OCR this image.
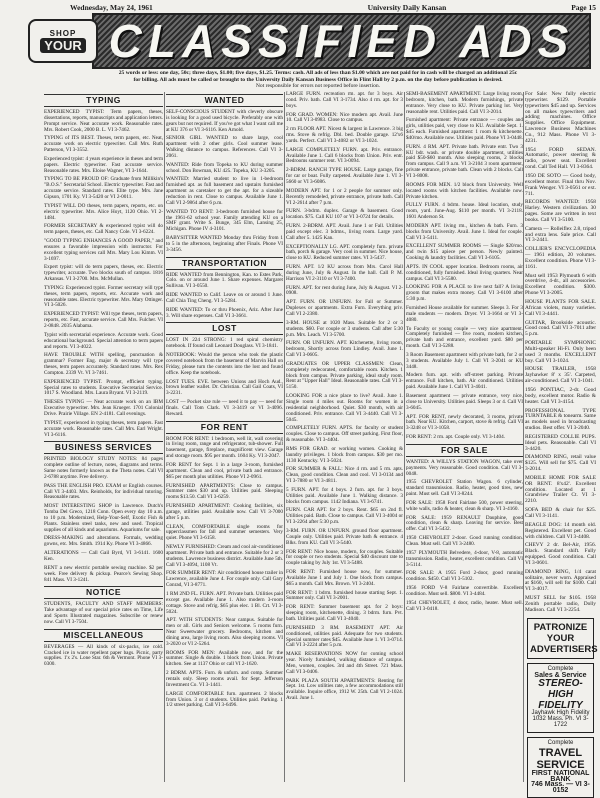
Wednesday, May 24, 1961	University Daily Kansan	Page 15
SHOP
YOUR CLASSIFIED ADS
25 words or less: one day, 50c; three days, $1.00; five days, $1.25. Terms: cash. All ads of less than $1.00 which are not paid for in cash will be charged an additional 25c
for billing. All ads must be called or brought to the University Daily Kansan Business Office in Flint Hall by 2 p.m. on the day before publication is desired.
Not responsible for errors not reported before insertion.
TYPING
EXPERIENCED TYPIST: Term papers, theses, dissertations, reports, manuscripts and application letters. Prompt service. Neat accurate work. Reasonable rates. Mrs. Robert Cook, 2000 B. L. VI 3-7462.
TYPING of ITS BEST. Theses, term papers, etc. Neat, accurate work on electric typewriter. Call Mrs. Ruth Patterson, VI 3-3552.
Experienced typist: 4 years experience in theses and term papers. Electric typewriter. Fast accurate service. Reasonable rates. Mrs. Eloise Wagner, VI 3-1644.
TYPING TO BE PROUD OF: Graduate from Millikin's "B.O.S." Secretarial School. Electric typewriter. Fast and accurate service. Standard rates. Elite type. Mrs. Jane Gipson, 1701 Ky. VI 3-5420 or VI 2-0011.
TYPIST WILL DO theses, term papers, reports, etc. on electric typewriter. Mrs. Alice Hoyt, 1120 Ohio. VI 2-1484.
FORMER SECRETARY & experienced typist will do term papers, theses, etc. Call Nancy Cole. VI 3-6224.
"GOOD TYPING ENHANCES A GOOD PAPER," and ensures a favorable impression with instructor. For excellent typing services call Mrs. Mary Lou Kimm. VI 3-1697.
Expert typist: will do term papers, theses, etc. Electric typewriter, accurate. Two blocks south of campus. 1816 Arkansas. VI 3-2700. Mrs. McMullan.
TYPING: Experienced typist. Former secretary will type theses, term papers, reports, etc. Accurate work and reasonable rates. Electric typewriter. Mrs. Mary Ottinger. VI 3-5026.
EXPERIENCED TYPIST: Will type theses, term papers, reports, etc. Fast, accurate service. Call Mrs. Fulcher. VI 2-0848. 2035 Alabama.
Typist with secretarial experience. Accurate work. Good educational background. Special attention to term papers and reports. VI 3-4022.
HAVE TROUBLE WITH spelling, punctuation & grammar? Former Eng. major & secretary will type theses, term papers accurately. Standard rates. Mrs. Rex Compton. 2339 Vt. VI 3-7461.
EXPERIENCED TYPIST. Prompt, efficient typing. Special rates to students. Executive Secretarial Service. 1017 S. Woodland. Mrs. Laura Bryant. VI 3-2119.
THESES TYPING — Neat accurate work on an IBM Executive typewriter. Mrs. Jean Krueger. 1701 Colonial Drive. Prairie Village. EN 2-4181. Call evenings.
TYPIST, experienced in typing theses, term papers. Fast accurate work. Reasonable rates. Call Mrs. Earl Wright. VI 3-6116.
BUSINESS SERVICES
PRINTED BIOLOGY STUDY NOTES: 84 pages complete outline of lecture, notes, diagrams and terms. Same notes formerly known as the Theta notes. Call VI 2-6788 anytime. Free delivery.
PASS THE ENGLISH PRO. EXAM or English courses. Call VI 3-4403. Mrs. Reinholds, for individual tutoring. Reasonable rates.
MOST INTERESTING SHOP in Lawrence. Dutch's Tomba Del Greco, 1218 Conn. Open every day 10 a.m. to 10 p.m. Modernized, Help-Your-Self, Exotic Fish & Plants. Stainless steel tanks, new and used. Tropical supplies of all kinds and aquariums. Aquariums for sale.
DRESS-MAKING and alterations. Formals, wedding gowns, etc. Mrs. Smith. 1914 Ky. Phone VI 3-4866.
ALTERATIONS — Call Gail Byrd, VI 3-6141. 1600 Ken.
RENT a new electric portable sewing machine. $2 per week. Free delivery & pickup. Pearce's Sewing Shop. 841 Mass. VI 3-1241.
NOTICE
STUDENTS, FACULTY AND STAFF MEMBERS: Take advantage of our special price rates on Time, Life and Sports Illustrated magazines. Subscribe or renew now. Call VI 3-7504.
MISCELLANEOUS
BEVERAGES — All kinds of six-packs, ice cold. Cracked ice in water repellent paper bags. Picnic, party supplies. 1'x 2's. Lone Star. 6th & Vermont. Phone VI 3-0300.
WANTED
SELF-CONSCIOUS STUDENT with cleverly obscure is looking for a good used bicycle. Preferably one with gears but not required. If you've got what I want call me at KU 376 or VI 3-6116. Ken Arnold.
SENIOR GIRL WANTED to share large, cool apartment with 2 other girls. Cool summer lease. Walking distance to campus. References. Call VI 3-2061.
WANTED: Ride from Topeka to KU during summer school. Don Bowman, KU 425. Topeka, KU 3-3205.
WANTED: Married student to live in 1-bedroom furnished apt. as full basement and upstairs furnished apartment as caretaker to get the apt. for a sizeable reduction in rent. Close to campus. Available June 1. Call VI 2-9864 after 6 p.m.
WANTED TO RENT: 3-bedroom furnished house for the 1961-62 school year. Family attending KU on a SMF grant. Write S. Bunge, 345 Elm, Lansing 25, Michigan. Phone IV 4-3101.
BABYSITTER WANTED Monday thru Friday from 1 to 5 in the afternoon, beginning after Finals. Phone VI 3-3456.
TRANSPORTATION
RIDE WANTED from Bennington, Kan. to Estes Park, Colo. on or around June 1. Share expenses. Margaret Sullivan. VI 3-0550.
RIDE WANTED to Calif. Leave on or around 1 June. Call Chia Ting Cheng. VI 3-5284.
RIDE WANTED: To or thru Phoenix, Ariz. After June 3. Will share expenses. Call VI 3-3661.
LOST
LOST IN 224 STRONG: 1 red spiral chemistry notebook. If found call Leonard Douglass. VI 3-1841.
NOTEBOOK: Would the person who took the plastic covered notebook from the basement of Marvin Hall on Friday, please turn the contents into the lost and found office. Keep the notebook.
LOST TUES. EVE. between Unions and Hoch Aud., brown leather wallet. Dr. Christian. Call Gail Coats, VI 3-2231.
LOST — Pocket size rule — need it to pay — need for finals. Call Tom Clark. VI 3-3419 or VI 3-4096. Reward.
FOR RENT
ROOM FOR RENT: 1 bedroom, well lit, wall covering in living room, range and refrigerator, tub-shower. Full basement, garage, fireplace, magnificent view. Garage and storage room. $95 per month. 1604 Ky. VI 3-2047.
FOR RENT for Sept. 1 in a large 3-room, furnished apartment. Clean and cool, private bath and entrance. $65 per month plus utilities. Phone VI 2-0961.
FURNISHED APARTMENTS: Close to campus. Summer rates $30 and up. Utilities paid. Sleeping rooms $13.50. Call VI 3-6259.
FURNISHED APARTMENT: Cooking facilities, six garage, utilities paid. Available now. Call VI 3-7000 after 5 p.m.
CLEAN, COMFORTABLE single rooms for upperclassmen for fall and summer semesters. Very quiet. Phone VI 3-6158.
NEWLY FURNISHED: Cream and cool air-conditioned apartment. Private bath and entrance. Suitable for 2 or 3 students. Lawrence business district. Available June 5th. Call VI 3-4094, 1108 Vt.
FOR SUMMER RENT: Air conditioned house trailer in Lawrence, available June 4. For couple only. Call Gary Conrad, VI 3-8771.
1 RM 2ND FL. FURN. APT. Private bath. Utilities paid except gas. Available June 1. Also modern 3-room cottage. Stove and refrig. $65 plus elec. 1 Bl. Crt. VI 3-5024.
APT. WITH STUDENTS: Near campus. Suitable for men or all. Girls and Seniors welcome. 5 rooms furn. Near Sweetwater grocery. Bedrooms, kitchen and dining area, large living room. Also sleeping rooms. VI 3-2020 or VI 2-5264.
ROOMS FOR MEN: Available now, and for the summer. Single & double. 1 block from Union. Private kitchen. See at 1137 Ohio or call VI 2-1620.
2 BDRM. APTS. Furn. & unfurn. and comp. Summer rentals only. Sleep rooms avail. for Sept. Jefferson Investment Co. VI 3-1441.
LARGE COMFORTABLE furn. apartment. 2 blocks from Union. 3 or 4 students. Utilities paid. Parking. 1 1/2 street parking. Call VI 3-6496.
LARGE FURN. recreation rm. apt. for 3 boys. Air cond. Priv. bath. Call VI 3-1734. Also 4 rm. apt. for 3 boys.
FOR GRAD. WOMEN: Nice modern apt. Avail. June 10. Call VI 3-0983. Close to campus.
2 rm FLOOR APT. Nicest & largest in Lawrence. 3 big rms. Stove & refrig. Dbl. bed. Double garage. 12'x6 yards. Perfect. Call VI 3-4082 or VI 3-1024.
LARGE COMPLETELY FURN. apt. Priv. entrance. Available June 1. Call 6 blocks from Union. Priv. entr. Bedrooms summer rent. VI 3-0094.
2-BDRM. RANCH TYPE HOUSE. Large garage, fine for car or boat. Fully carpeted. Available June 1. VI 3-5660 or VI 3-6086.
MODERN APT. for 1 or 2 people for summer only. Recently remodeled, private entrance, private bath. Call VI 2-2614 after 7 p.m.
FURN. 3-bdrm. duplex. Garage & basement. Good location. $75. Call KU 107 or VI 3-0724 for details.
FURN. 2-BDRM. APT. Avail. June 1 or Fall. Utilities paid except elec. 3 bdrms., living room. Large yard. Call after 5. 1425 Kan.
EXCEPTIONALLY LG. APT. completely furn. private bath, porch & garage. Very cool in summer. Nice house, close to KU. Reduced summer rates. VI 3-5437.
FURN. APT. 1/2 KU across from Mrs. Carol Hall during June, July & August. In the hall. Call P. M. Harrison VI 2-3110 or VI 3-7400.
FURN. APT. for rent during June, July & August. VI 2-0908.
APT. FURN. OR UNFURN. for Fall or Summer. Duplexes or apartments. Extra Furn. Everything priv. Call VI 2-2380.
3-RM. HOUSE at 1020 Mass. Suitable for 2 or 3 students. $60. For couple or 3 students. Call after 5:30 p.m. Mrs. Leach. VI 3-5700.
FURN. OR UNFURN. APT. Kitchenette, living room, bedroom, Shortly across from Lindley. Avail. June 1. Call VI 3-0605.
GRADUATES OR UPPER CLASSMEN: Clean, completely redecorated, comfortable room. Kitchen. 1 block from campus. Private parking, ideal study room. Rent at "Upper Hall" Ideal. Reasonable rates. Call VI 3-5150.
LOOKING FOR a nice place to live? Avail. June 1. Single room 4 miles out. Rooms for women in a residential neighborhood. Quiet. $30 month, with air conditioned. Priv. entrance. Call VI 3-4440. Call VI 3-5045.
COMPLETELY FURN. APTS. for faculty or student couples. Close to campus. Off street parking. First floor, & reasonable. VI 3-4404.
RMS FOR GRAD. or working women. Cooking & laundry privileges. 1 block from campus. $30 per mo. 1130 Kentucky. VI 3-5024.
FOR SUMMER & FALL: Nice 4 rm. and 5 rm. apts. Clean, good condition. Clean and cool. VI 3-0134 and VI 3-7880 or VI 3-4811.
5 FURN. APT. for 4 boys. 2 furn. apt. for 3 boys. Utilities paid. Available June 1. Walking distance. 3 blocks from campus. 1142 Indiana. VI 3-6741.
FURN. CAR APT. for 2 boys. Rent. $65 on 2nd fl. Utilities paid. Bath. Close to campus. Call VI 3-4004 or VI 3-2264 after 5:30 p.m.
3-RM. FURN. OR UNFURN. ground floor apartment. Couple only. Utilities paid. Private bath & entrance. 4 Blks. from KU. Call VI 3-5440.
FOR RENT: Nice house, modern, for couples. Suitable for couple or two students. Special $40 discount rate to couple taking by July 1st. VI 3-5488.
FOR RENT: Furnished house now, for summer. Available June 1 and July 1. One block from campus. $65 a month. Call Mrs. Brown. VI 3-2404.
FOR RENT: 1 bdrm. furnished house starting Sept. 1. Summer only. Call VI 3-2001.
FOR RENT: Summer basement apt. for 2 boys: sleeping room, kitchenette, dining. 3 bdrm. furn. Pvt. bath. Utilities paid. Call VI 3-4040.
FURNISHED 3 RM. BASEMENT APT. Air conditioned, utilities paid. Adequate for two students. Special summer rates $45. Available June 1. VI 3-0714. Call VI 3-2224 after 5 p.m.
MAKE RESERVATIONS NOW for coming school year. Nicely furnished, walking distance of campus. Men, women, couples. 3rd and 4th Street. 721 Mass. Call VI 3-0406.
PARK PLAZA SOUTH APARTMENTS: Renting for Sept. 1st. Low utilities rate, a few accommodations still available. Inquire office, 1912 W. 25th. Call VI 2-1024. Avail. June 1.
SEMI-BASEMENT APARTMENT. Large living room, bedroom, kitchen, bath. Modern furnishings, private entrance. Very close to KU. Private parking lot. Very reasonable rent. Utilities paid. Call VI 3-2014.
Furnished apartment: Private entrance — couples and girls, utilities paid, very close to KU. Available Sept. 1. $45 each. Furnished apartment: 1 room & kitchenette. $40/mo. Available now. Utilities paid. Phone VI 3-0448.
FURN. 4 RM. APT. Private bath. Private entr. Two 3 KU bdr. wash. or private double apartment, utilities paid $50-$60 month. Also sleeping rooms, 2 blocks from campus. Call 9 a.m. VI 3-2104 3 room apartment, private entrance, private bath. Clean with 2 blocks. Call VI 3-8008.
ROOMS FOR MEN. 1/2 block from University. Well located rooms with kitchen facilities. Available now. Private kitchen.
FULLY FURN. 4 bdrm. house. Ideal location, study room, yard. June-Aug. $110 per month. VI 3-2118. 1601 Anderson St.
MODERN APT. living rm., kitchen & bath. Furn. 3 blocks from University. Avail. June 1. Ideal for couple. Call VI 3-5411.
EXCELLENT SUMMER ROOMS — Single $20/mo. and twin $15 apiece per person. Newly painted. Cooking & laundry facilities. Call VI 3-6105.
APTS. IN COOL upper location. Bedroom rooms, air conditioned, fully furnished. Ideal living quarters. Near campus. Call VI 3-5580.
LOOKING FOR A PLACE to live next fall? A living groom that makes extra money. Call VI 3-6100 after 5:30 p.m.
Furnished House available for summer. Sleeps 3. For 3 male students — modern. Dryer. VI 3-1664 or VI 3-4080.
To Faculty or young couple — very nice apartment. Completely furnished — five room, modern kitchen, private bath and entrance, excellent yard. $80 per month. Call VI 3-5288.
3 Room Basement apartment with private bath, for 2 or 3 students. Available July 1. Call VI 3-2041 or KU 3448.
Modern furn. apt. with off-street parking. Private entrance. Full kitchen, bath. Air conditioned. Utilities paid. Available June 1. Call VI 3-4041.
Basement apartment — private entrance, very nice, close to University. Utilities paid. Sleeps 3 or 4. Call VI 3-6045.
APT. FOR RENT, newly decorated, 3 rooms, private bath. Near KU. Kitchen, carport, stove & refrig. Call VI 3-3248 or VI 3-1058.
FOR RENT: 2 rm. apt. Couple only. VI 3-1404.
FOR SALE
WANTED: A WILLYS STATION WAGON, take over payments. Very reasonable. Good condition. Call VI 3-0048.
1955 CHEVROLET Station Wagon. 6 cylinder, standard transmission. Radio, heater, good tires, new paint. Must sell. Call VI 3-8244.
FOR SALE: 1958 Ford Fairlane 500, power steering, white walls, radio & heater, clean & sharp. VI 3-4160.
FOR SALE: 1959 RENAULT Dauphine, good condition, clean & sharp. Leaving for service. Best offer. Call VI 3-5432.
1950 CHEVROLET 2-door. Good running condition. Clean. Must sell. Call VI 3-2480.
1957 PLYMOUTH Belvedere, 4-door, V-8, automatic transmission. Radio, heater, excellent condition. Call VI 3-5114.
FOR SALE: A 1955 Ford 2-door, good running condition. $450. Call VI 3-5102.
1956 FORD V-8 Fairlane convertible. Excellent condition. Must sell. $800. VI 3-4484.
1954 CHEVROLET, 4 door, radio, heater. Must sell. Call VI 3-0418.
For Sale: New fully electric typewriter. $129. Portable typewriters $45 and up. Services on all makes typewriters and adding machines. Office Supplies. Office Equipment. Lawrence Business Machines Co., 912 Mass. Phone VI 3-4231.
1954 FORD SEDAN. Automatic, power steering & radio, power seat. Excellent cond. Call Ted Hall. VI 3-8364.
1950 DE SOTO — Good body, excellent motor. Final thru Nov. Frank Wenger. VI 3-0561 or ext. 711.
RECORDS WANTED: 1958 Harley. Western civilization. 30 pages. Some are written in text books. Call VI 3-5100.
Camera — Rolleiflex 2.8, tripod and extra lens. Sale price. Call VI 3-2441.
COLLIER'S ENCYCLOPEDIA — 1961 edition, 20 volumes. Excellent condition. Phone VI 3-1161.
Must sell 1953 Plymouth 6 with overdrive, 4-dr., all accessories. Excellent condition. $300. Phone VI 3-2005.
HOUSE PLANTS FOR SALE. African violets, many varieties. Call VI 3-4441.
GUITAR, Brookside acoustic. Good cond. Call VI 3-7011 after 5 p.m.
PORTABLE SYMPHONIC Multi-speaker Hi-Fi. Only been used 3 months. EXCELLENT buy. Call VI 3-1024.
HOUSE TRAILER, 1958 Jayhawker 8' x 35'. Carpeted, air-conditioned. Call VI 3-1041.
1956 PONTIAC, 2-dr. Good body, excellent motor. Radio & heater. Call VI 3-4154.
PROFESSIONAL TYPE TURNTABLE & tonearm. Same as models used in broadcasting studios. Best offer. VI 3-2040.
REGISTERED COLLIE PUPS. Ideal pets. Reasonable. Call VI 3-4420.
DIAMOND RING, retail value $125. Will sell for $75. Call VI 3-2014.
MOBILE HOME FOR SALE OR RENT. 8'x42'. Excellent condition. Located at 1 Grandview Trailer Ct. VI 3-2210.
SOFA BED & chair for $25. Call VI 3-1141.
BEAGLE DOG: 14 month old. Registered. Excellent pet. Good with children. Call VI 3-4408.
CHEVY 2 dr. Bel-Air, 1956. Black. Standard shift. Fully equipped. Good condition. Call VI 3-0601.
DIAMOND RING, 1/4 carat solitaire, never worn. Appraised at $160, will sell for $100. Call VI 3-4017.
MUST SELL for $105. 1958 Zenith portable radio, Dolly Madison. Call VI 3-2254.
PATRONIZE YOUR
ADVERTISERS
Complete
Sales & Service
STEREO-HIGH FIDELITY
Jayhawk High Fidelity
1032 Mass. Ph. VI 3-1722
Complete
TRAVEL SERVICE
FIRST NATIONAL BANK
746 Mass. — VI 3-0152
